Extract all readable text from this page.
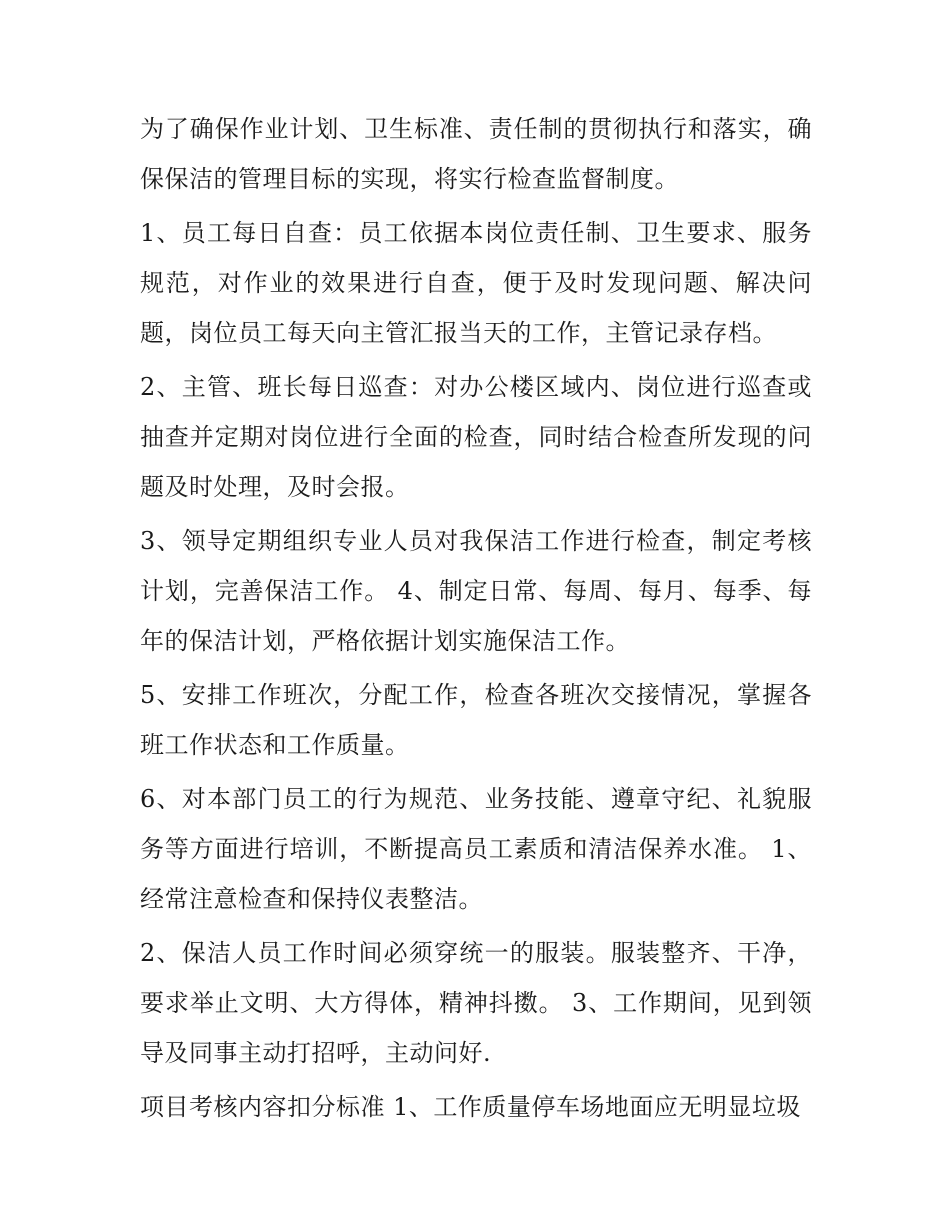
为了确保作业计划、卫生标准、责任制的贯彻执行和落实，确保保洁的管理目标的实现，将实行检查监督制度。

1、员工每日自查：员工依据本岗位责任制、卫生要求、服务规范，对作业的效果进行自查，便于及时发现问题、解决问题，岗位员工每天向主管汇报当天的工作，主管记录存档。

2、主管、班长每日巡查：对办公楼区域内、岗位进行巡查或抽查并定期对岗位进行全面的检查，同时结合检查所发现的问题及时处理，及时会报。

3、领导定期组织专业人员对我保洁工作进行检查，制定考核计划，完善保洁工作。 4、制定日常、每周、每月、每季、每年的保洁计划，严格依据计划实施保洁工作。

5、安排工作班次，分配工作，检查各班次交接情况，掌握各班工作状态和工作质量。

6、对本部门员工的行为规范、业务技能、遵章守纪、礼貌服务等方面进行培训，不断提高员工素质和清洁保养水准。 1、经常注意检查和保持仪表整洁。

2、保洁人员工作时间必须穿统一的服装。服装整齐、干净，要求举止文明、大方得体，精神抖擞。 3、工作期间，见到领导及同事主动打招呼，主动问好.

项目考核内容扣分标准 1、工作质量停车场地面应无明显垃圾
